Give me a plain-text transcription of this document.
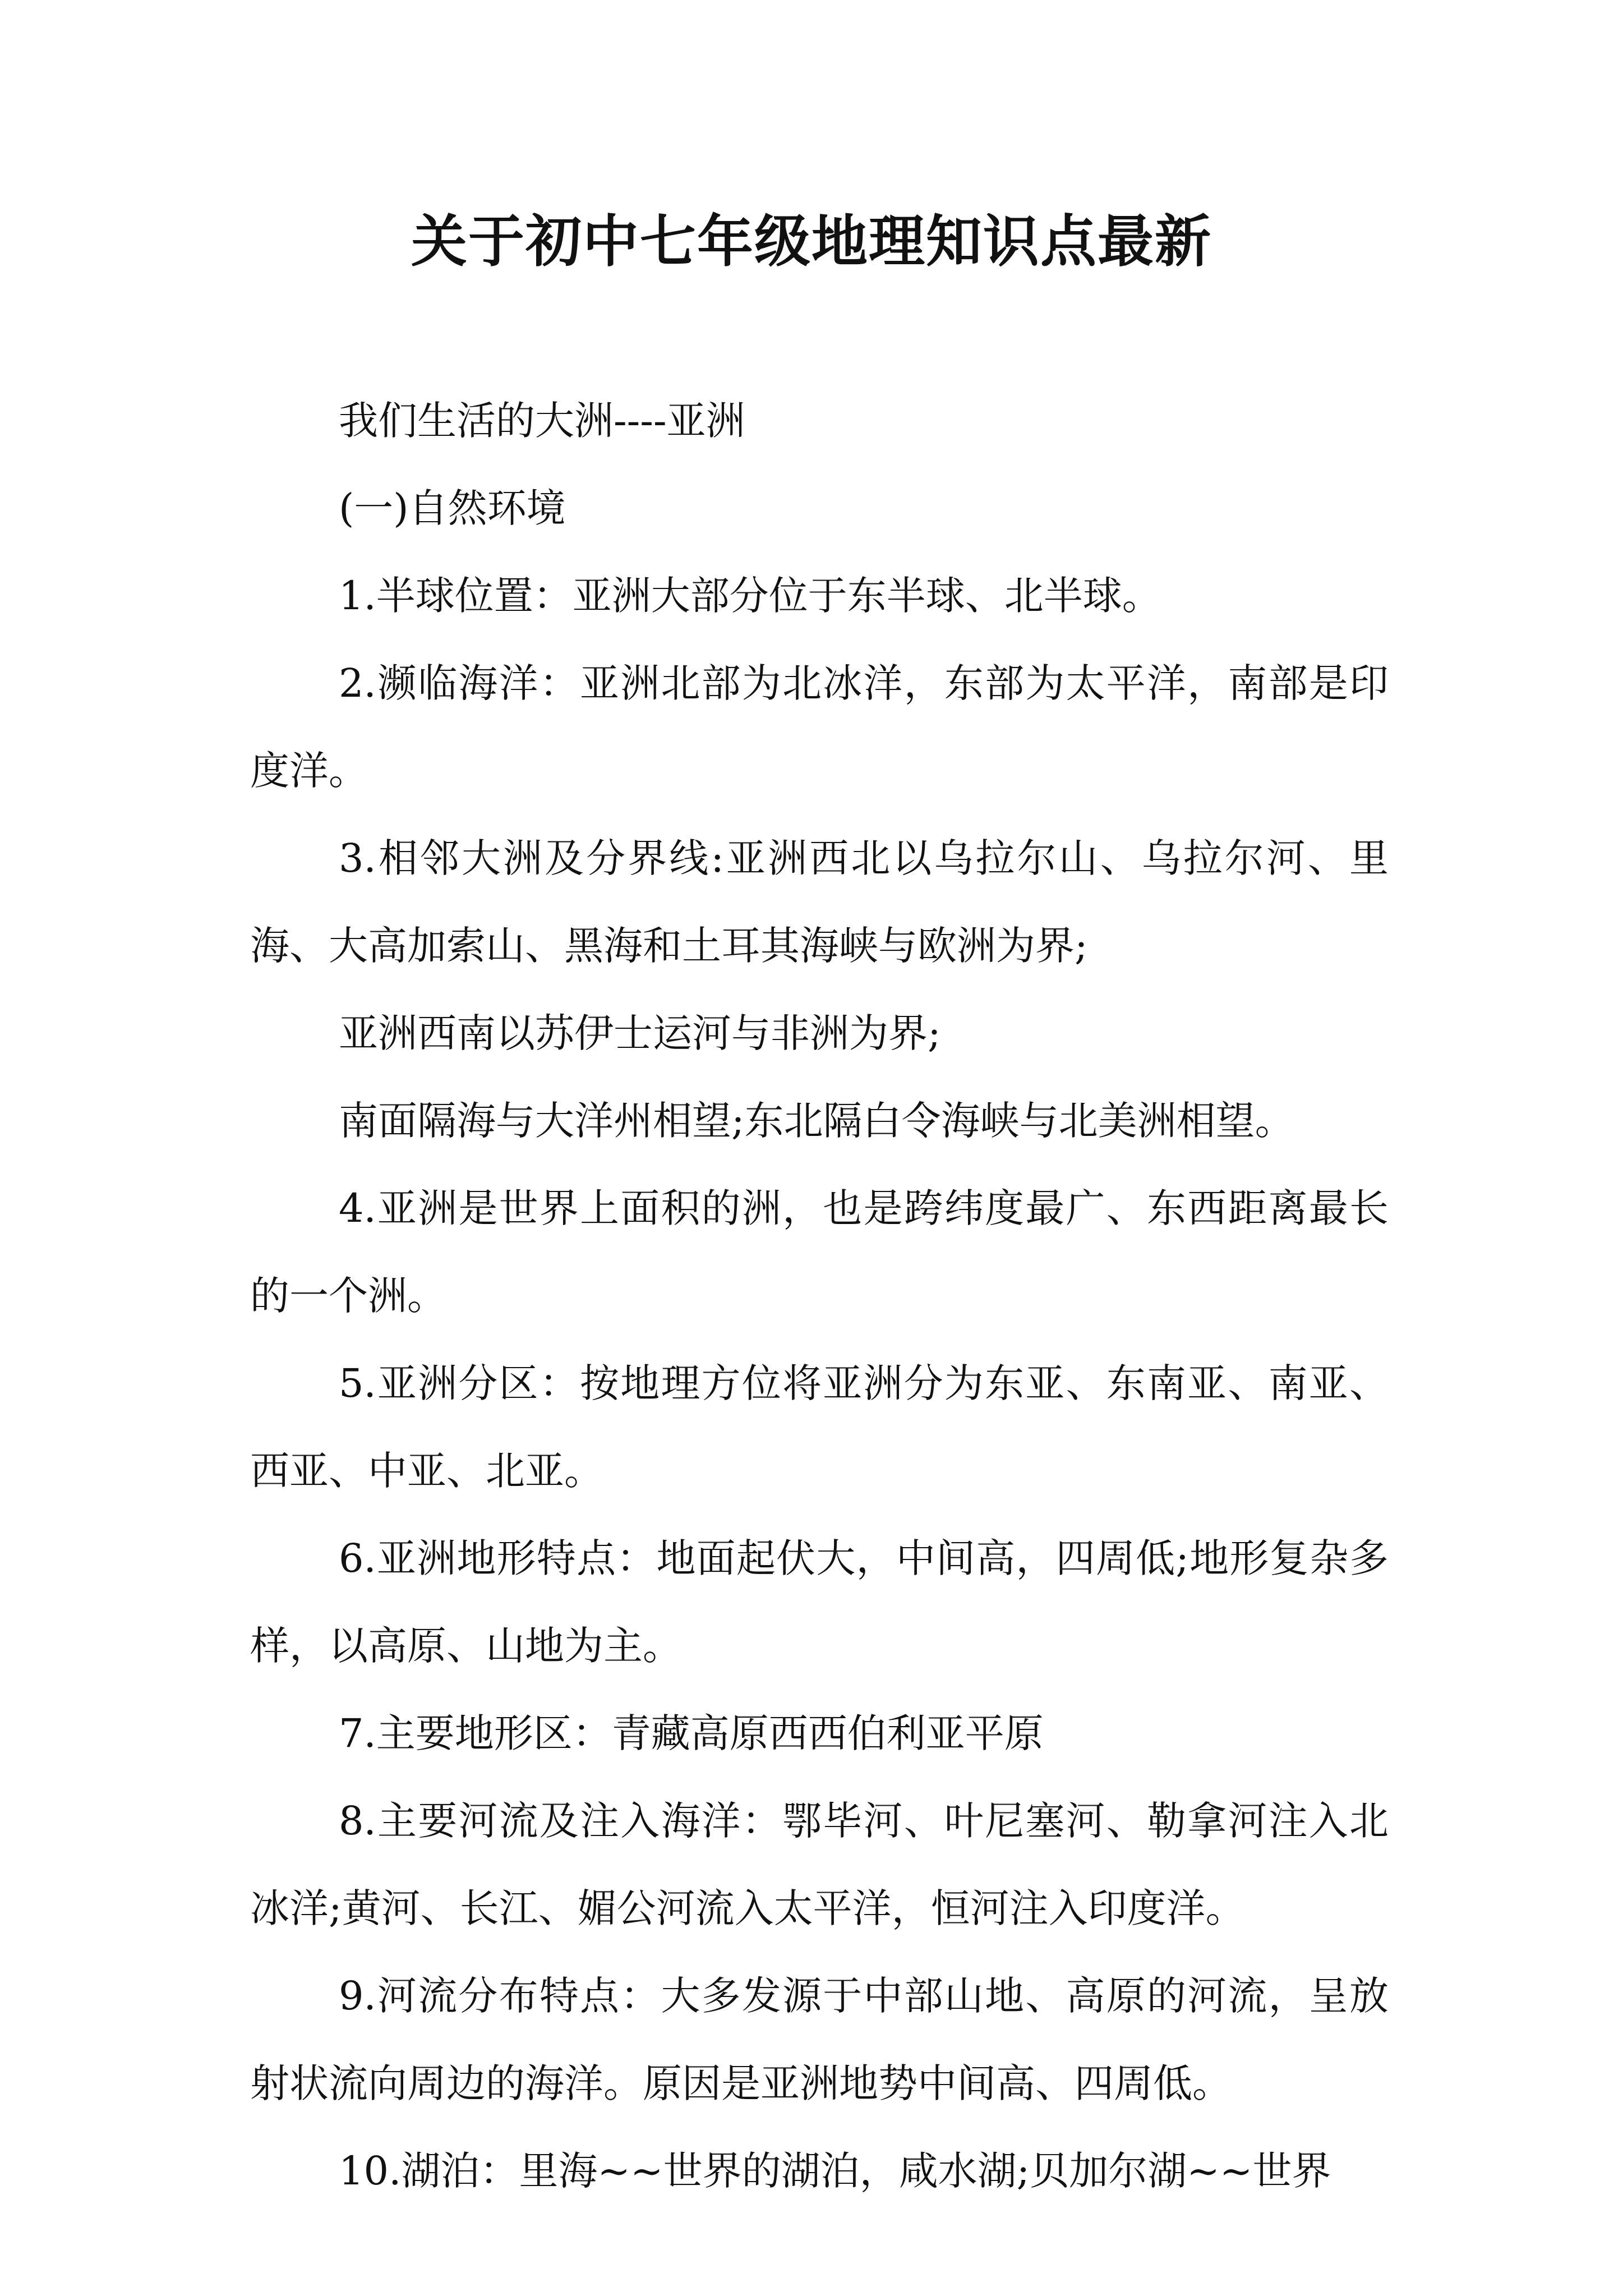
关于初中七年级地理知识点最新

我们生活的大洲----亚洲

(一)自然环境

1.半球位置：亚洲大部分位于东半球、北半球。

2.濒临海洋：亚洲北部为北冰洋，东部为太平洋，南部是印度洋。

3.相邻大洲及分界线:亚洲西北以乌拉尔山、乌拉尔河、里海、大高加索山、黑海和土耳其海峡与欧洲为界;

亚洲西南以苏伊士运河与非洲为界;

南面隔海与大洋州相望;东北隔白令海峡与北美洲相望。

4.亚洲是世界上面积的洲，也是跨纬度最广、东西距离最长的一个洲。

5.亚洲分区：按地理方位将亚洲分为东亚、东南亚、南亚、西亚、中亚、北亚。

6.亚洲地形特点：地面起伏大，中间高，四周低;地形复杂多样，以高原、山地为主。

7.主要地形区：青藏高原西西伯利亚平原

8.主要河流及注入海洋：鄂毕河、叶尼塞河、勒拿河注入北冰洋;黄河、长江、媚公河流入太平洋，恒河注入印度洋。

9.河流分布特点：大多发源于中部山地、高原的河流，呈放射状流向周边的海洋。原因是亚洲地势中间高、四周低。

10.湖泊：里海~~世界的湖泊，咸水湖;贝加尔湖~~世界
